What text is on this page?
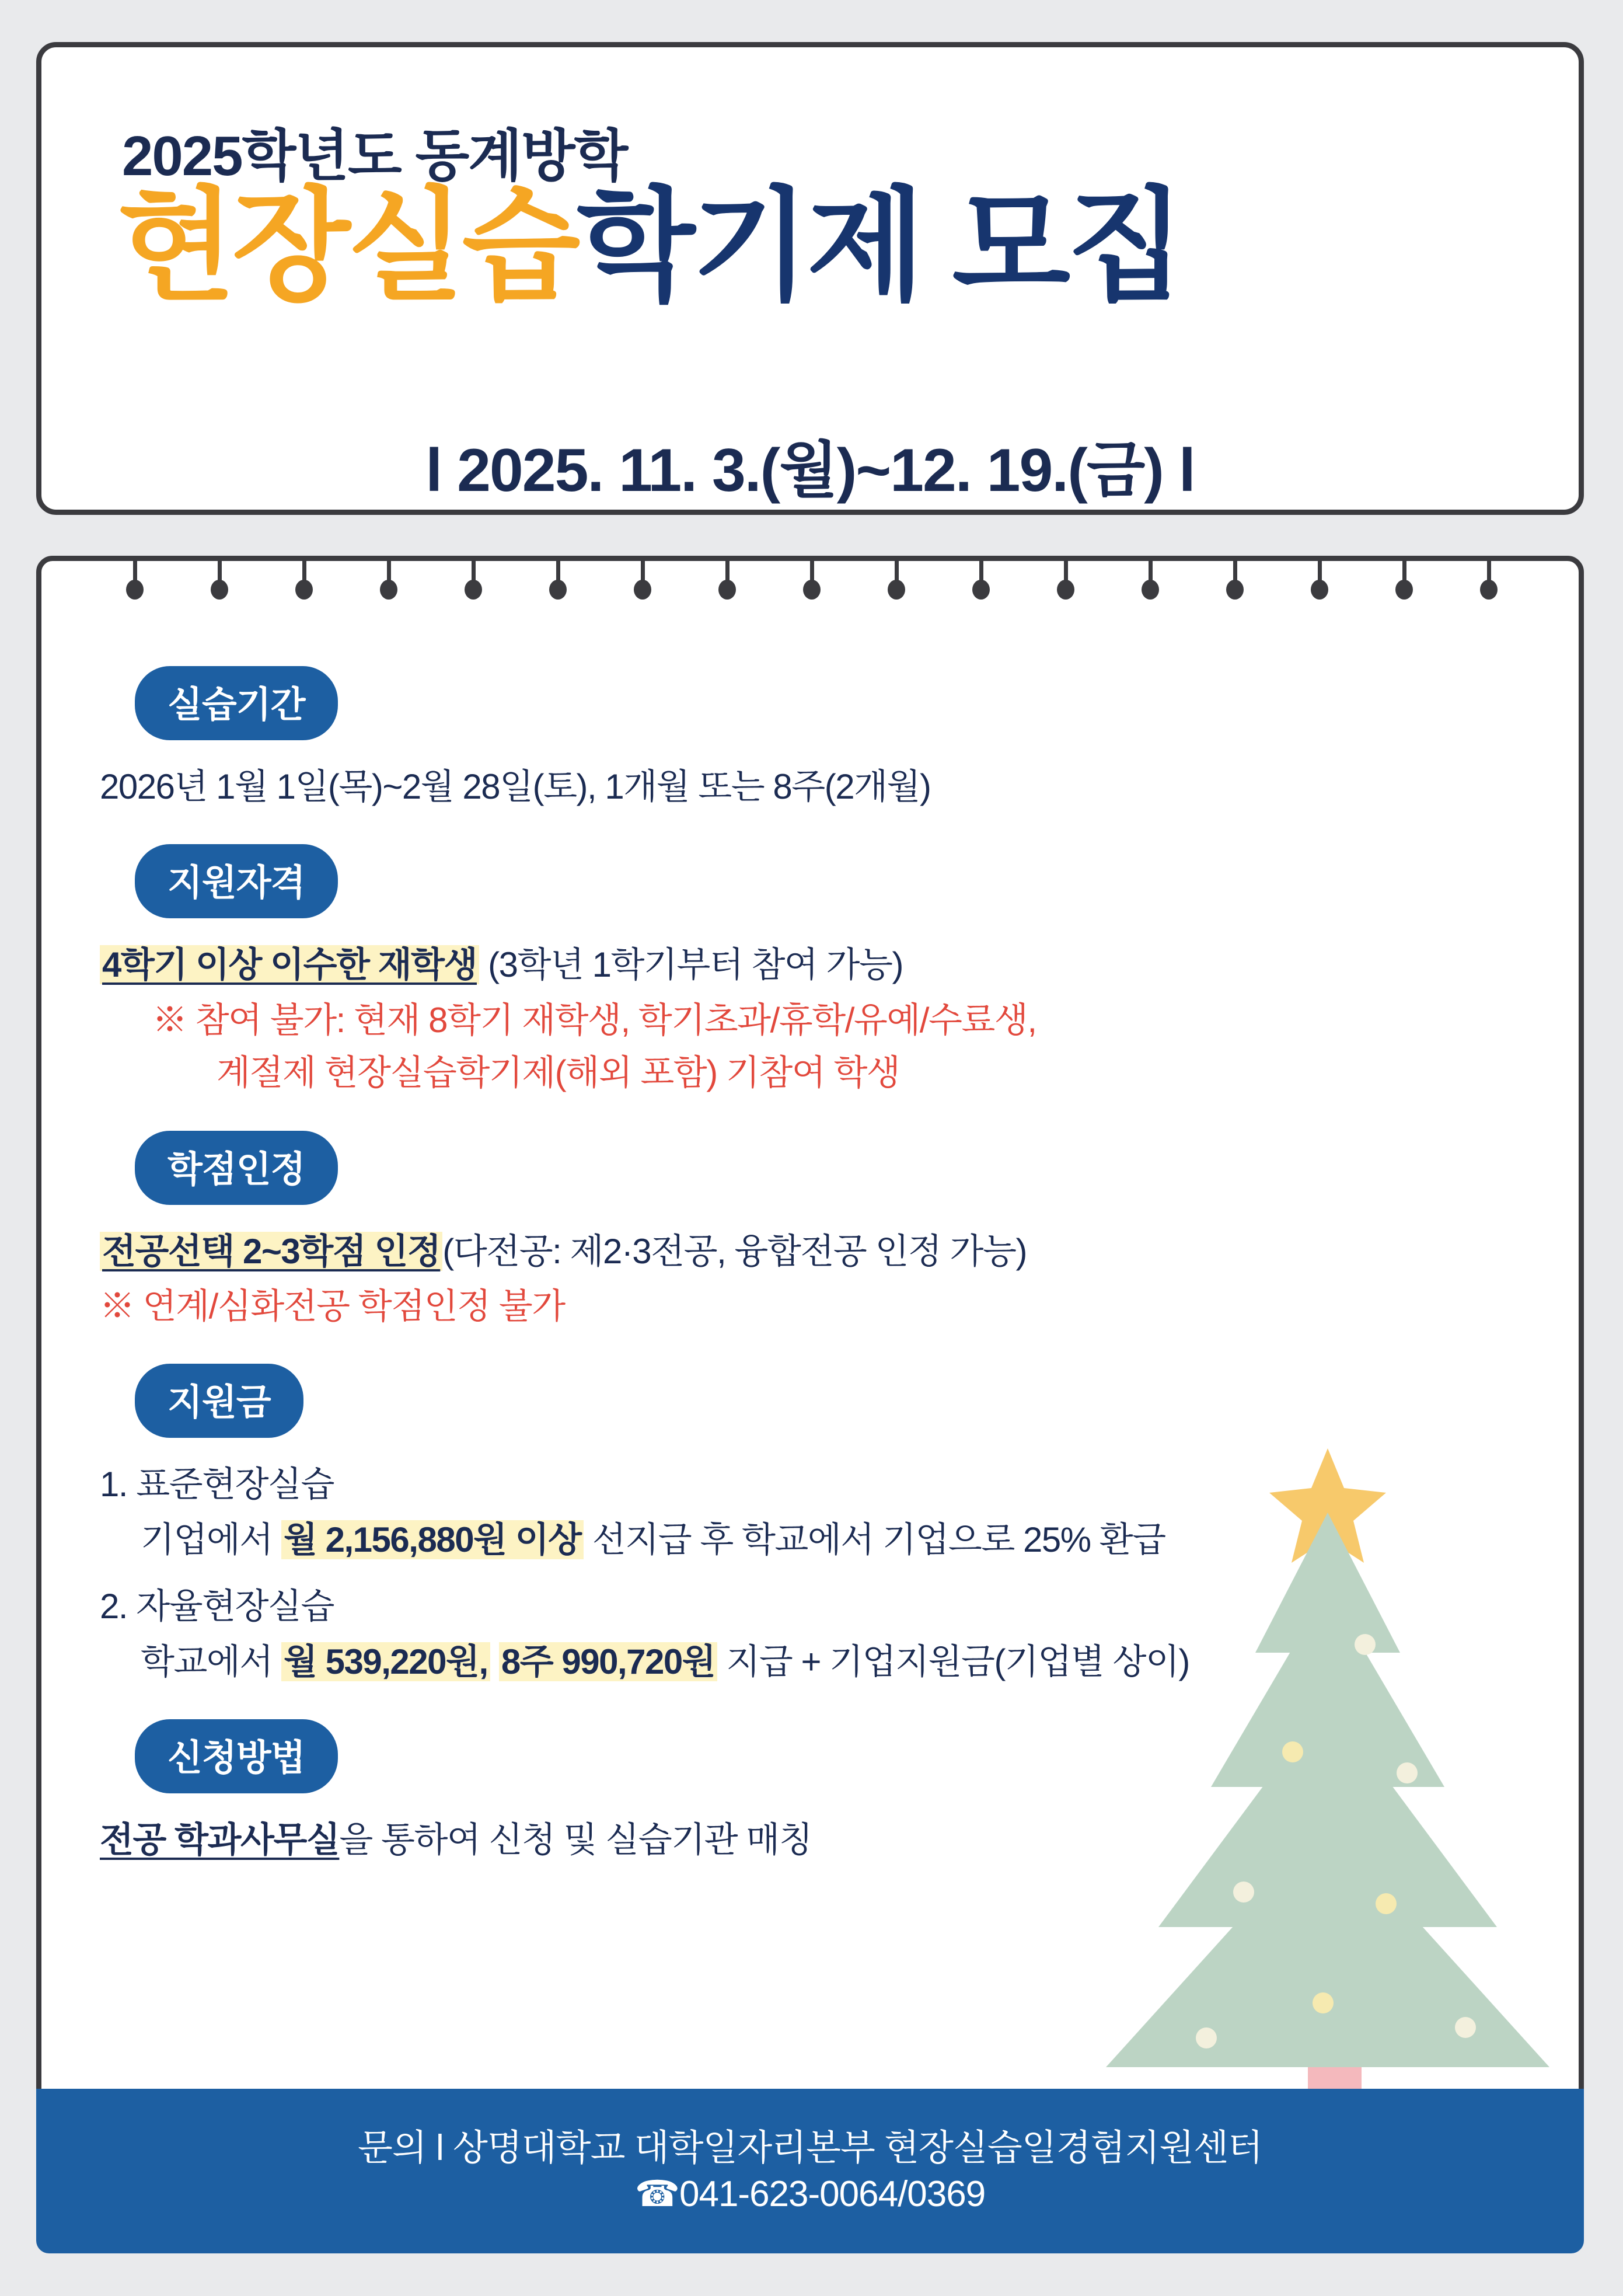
2025학년도 동계방학
현장실습학기제 모집
l 2025. 11. 3.(월)~12. 19.(금) l
실습기간
2026년 1월 1일(목)~2월 28일(토), 1개월 또는 8주(2개월)
지원자격
4학기 이상 이수한 재학생 (3학년 1학기부터 참여 가능)
※ 참여 불가: 현재 8학기 재학생, 학기초과/휴학/유예/수료생,
계절제 현장실습학기제(해외 포함) 기참여 학생
학점인정
전공선택 2~3학점 인정(다전공: 제2·3전공, 융합전공 인정 가능)
※ 연계/심화전공 학점인정 불가
지원금
1. 표준현장실습
기업에서 월 2,156,880원 이상 선지급 후 학교에서 기업으로 25% 환급
2. 자율현장실습
학교에서 월 539,220원, 8주 990,720원 지급 + 기업지원금(기업별 상이)
신청방법
전공 학과사무실을 통하여 신청 및 실습기관 매칭
문의 l 상명대학교 대학일자리본부 현장실습일경험지원센터
☎041-623-0064/0369
